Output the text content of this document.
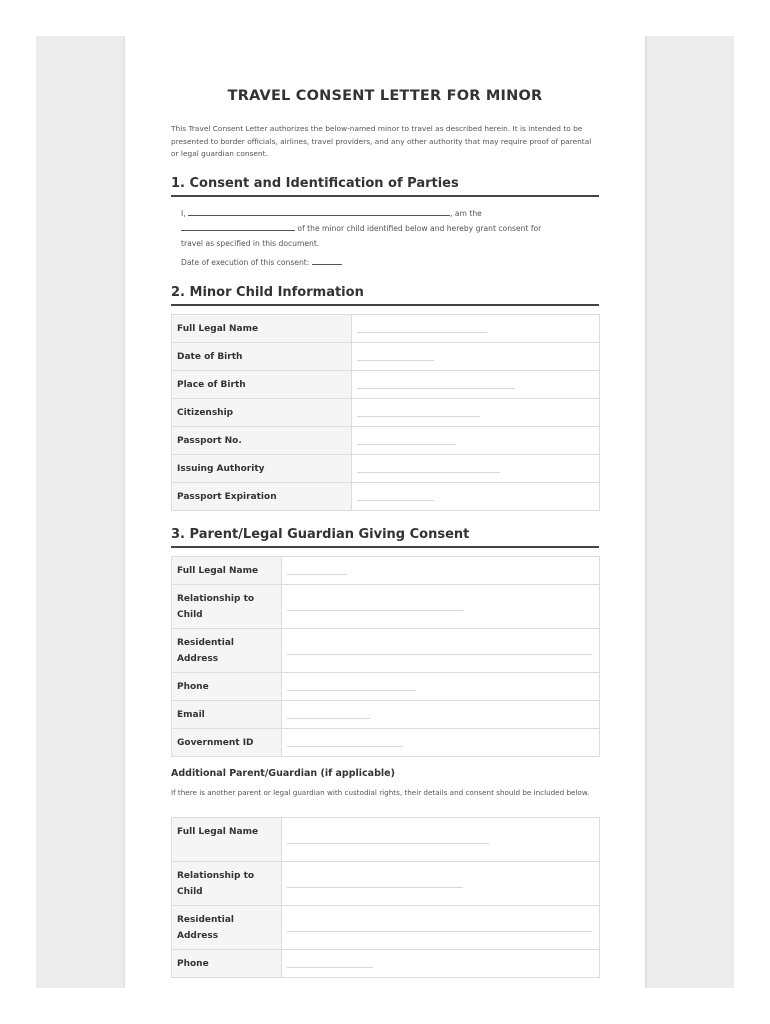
TRAVEL CONSENT LETTER FOR MINOR
This Travel Consent Letter authorizes the below-named minor to travel as described herein. It is intended to be presented to border officials, airlines, travel providers, and any other authority that may require proof of parental or legal guardian consent.
1. Consent and Identification of Parties
I,	, am the
of the minor child identified below and hereby grant consent for
travel as specified in this document.
Date of execution of this consent:
2. Minor Child Information
Full Legal Name	

Date of Birth	

Place of Birth	

Citizenship	

Passport No.	

Issuing Authority	

Passport Expiration	
3. Parent/Legal Guardian Giving Consent
Full Legal Name	

Relationship to Child	

Residential Address	

Phone	

Email	

Government ID	
Additional Parent/Guardian (if applicable)
If there is another parent or legal guardian with custodial rights, their details and consent should be included below.
Full Legal Name	

Relationship to Child	

Residential Address	

Phone	
